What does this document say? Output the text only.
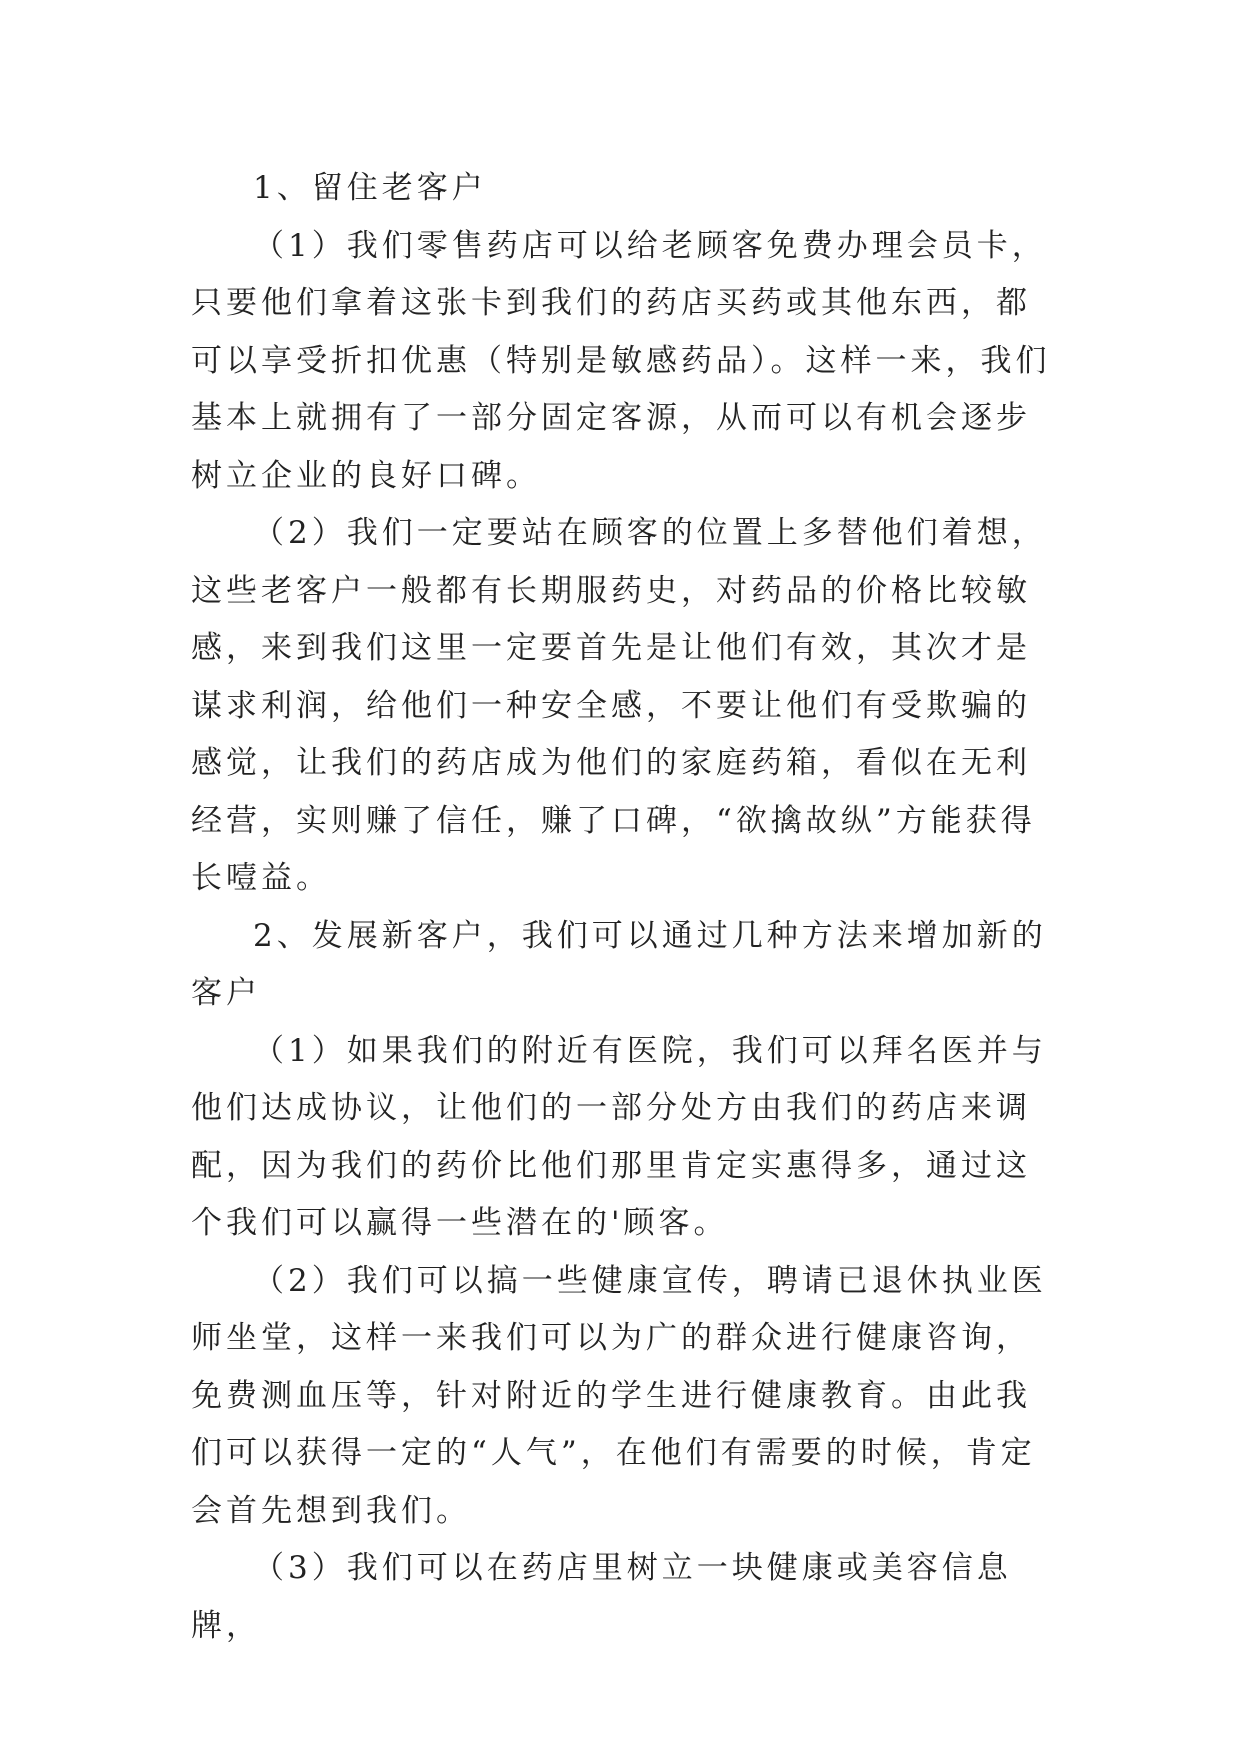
1、留住老客户

（1）我们零售药店可以给老顾客免费办理会员卡，只要他们拿着这张卡到我们的药店买药或其他东西，都可以享受折扣优惠（特别是敏感药品）。这样一来，我们基本上就拥有了一部分固定客源，从而可以有机会逐步树立企业的良好口碑。

（2）我们一定要站在顾客的位置上多替他们着想，这些老客户一般都有长期服药史，对药品的价格比较敏感，来到我们这里一定要首先是让他们有效，其次才是谋求利润，给他们一种安全感，不要让他们有受欺骗的感觉，让我们的药店成为他们的家庭药箱，看似在无利经营，实则赚了信任，赚了口碑，“欲擒故纵”方能获得长噎益。

2、发展新客户，我们可以通过几种方法来增加新的客户

（1）如果我们的附近有医院，我们可以拜名医并与他们达成协议，让他们的一部分处方由我们的药店来调配，因为我们的药价比他们那里肯定实惠得多，通过这个我们可以赢得一些潜在的'顾客。

（2）我们可以搞一些健康宣传，聘请已退休执业医师坐堂，这样一来我们可以为广的群众进行健康咨询，免费测血压等，针对附近的学生进行健康教育。由此我们可以获得一定的“人气”，在他们有需要的时候，肯定会首先想到我们。

（3）我们可以在药店里树立一块健康或美容信息牌，
